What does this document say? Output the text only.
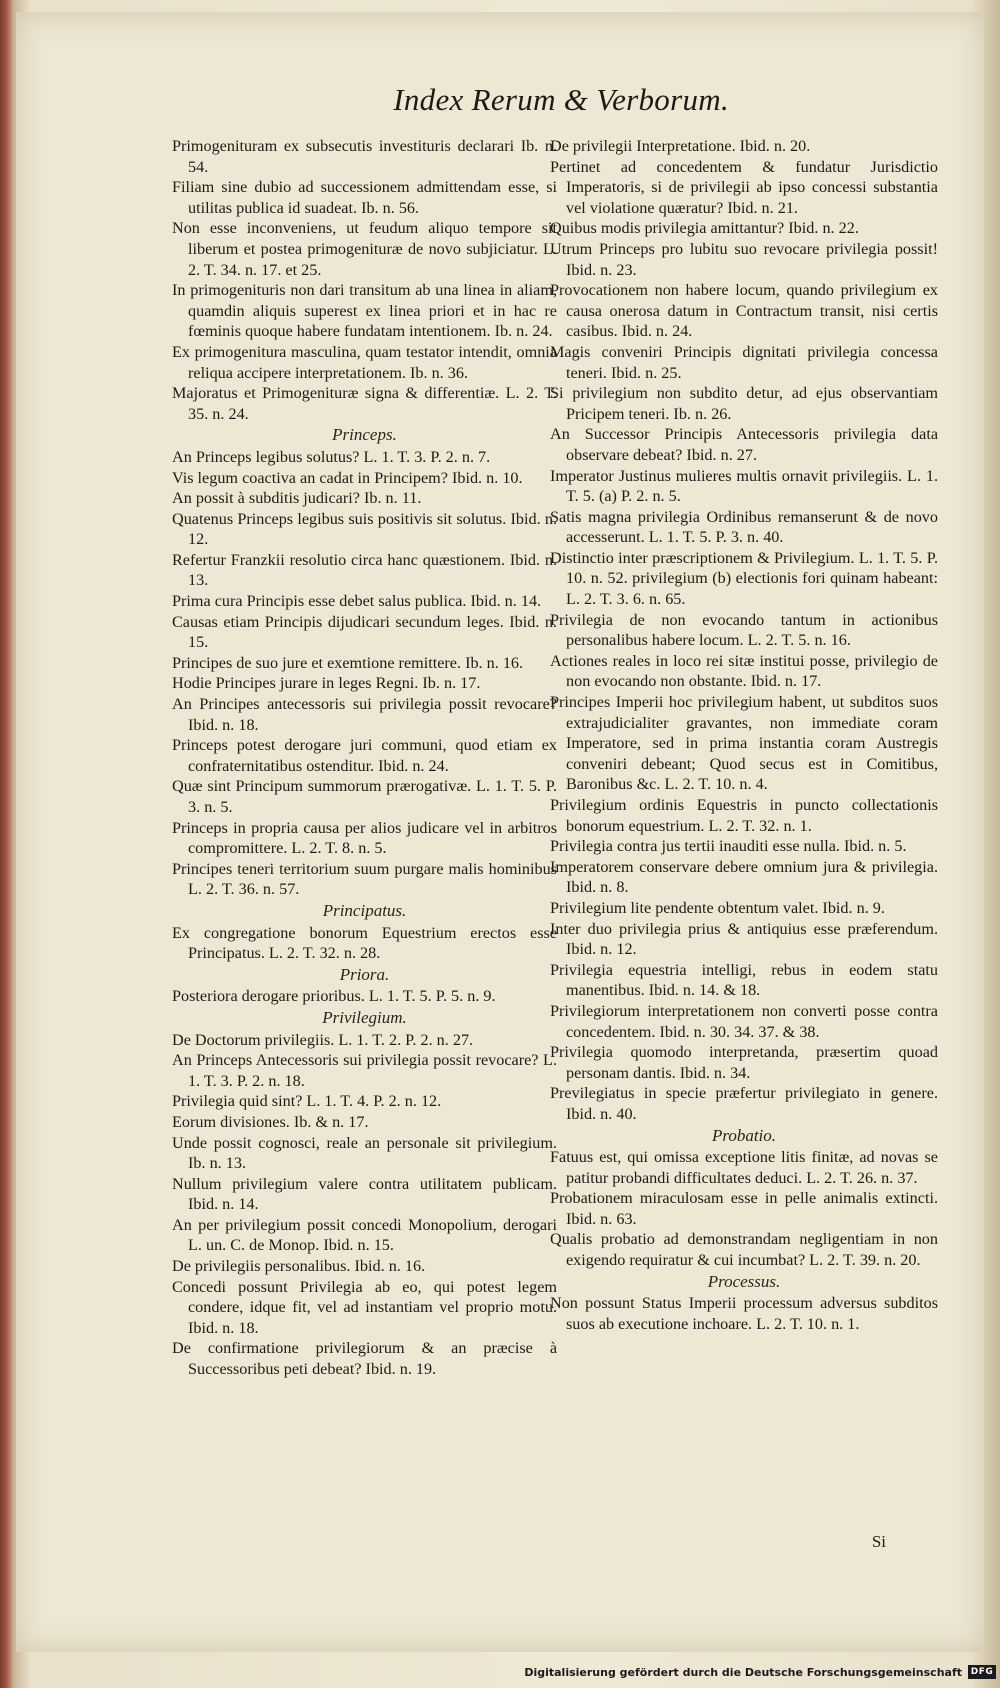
Index Rerum & Verborum.

Primogenituram ex subsecutis investituris declarari Ib. n. 54.

Filiam sine dubio ad successionem admittendam esse, si utilitas publica id suadeat. Ib. n. 56.

Non esse inconveniens, ut feudum aliquo tempore sit liberum et postea primogenituræ de novo subjiciatur. L. 2. T. 34. n. 17. et 25.

In primogenituris non dari transitum ab una linea in aliam, quamdin aliquis superest ex linea priori et in hac re fœminis quoque habere fundatam intentionem. Ib. n. 24.

Ex primogenitura masculina, quam testator intendit, omnia reliqua accipere interpretationem. Ib. n. 36.

Majoratus et Primogenituræ signa & differentiæ. L. 2. T. 35. n. 24.

Princeps.

An Princeps legibus solutus? L. 1. T. 3. P. 2. n. 7.

Vis legum coactiva an cadat in Principem? Ibid. n. 10.

An possit à subditis judicari? Ib. n. 11.

Quatenus Princeps legibus suis positivis sit solutus. Ibid. n. 12.

Refertur Franzkii resolutio circa hanc quæstionem. Ibid. n. 13.

Prima cura Principis esse debet salus publica. Ibid. n. 14.

Causas etiam Principis dijudicari secundum leges. Ibid. n. 15.

Principes de suo jure et exemtione remittere. Ib. n. 16.

Hodie Principes jurare in leges Regni. Ib. n. 17.

An Principes antecessoris sui privilegia possit revocare? Ibid. n. 18.

Princeps potest derogare juri communi, quod etiam ex confraternitatibus ostenditur. Ibid. n. 24.

Quæ sint Principum summorum prærogativæ. L. 1. T. 5. P. 3. n. 5.

Princeps in propria causa per alios judicare vel in arbitros compromittere. L. 2. T. 8. n. 5.

Principes teneri territorium suum purgare malis hominibus L. 2. T. 36. n. 57.

Principatus.

Ex congregatione bonorum Equestrium erectos esse Principatus. L. 2. T. 32. n. 28.

Priora.

Posteriora derogare prioribus. L. 1. T. 5. P. 5. n. 9.

Privilegium.

De Doctorum privilegiis. L. 1. T. 2. P. 2. n. 27.

An Princeps Antecessoris sui privilegia possit revocare? L. 1. T. 3. P. 2. n. 18.

Privilegia quid sint? L. 1. T. 4. P. 2. n. 12.

Eorum divisiones. Ib. & n. 17.

Unde possit cognosci, reale an personale sit privilegium. Ib. n. 13.

Nullum privilegium valere contra utilitatem publicam. Ibid. n. 14.

An per privilegium possit concedi Monopolium, derogari L. un. C. de Monop. Ibid. n. 15.

De privilegiis personalibus. Ibid. n. 16.

Concedi possunt Privilegia ab eo, qui potest legem condere, idque fit, vel ad instantiam vel proprio motu. Ibid. n. 18.

De confirmatione privilegiorum & an præcise à Successoribus peti debeat? Ibid. n. 19.

De privilegii Interpretatione. Ibid. n. 20.

Pertinet ad concedentem & fundatur Jurisdictio Imperatoris, si de privilegii ab ipso concessi substantia vel violatione quæratur? Ibid. n. 21.

Quibus modis privilegia amittantur? Ibid. n. 22.

Utrum Princeps pro lubitu suo revocare privilegia possit! Ibid. n. 23.

Provocationem non habere locum, quando privilegium ex causa onerosa datum in Contractum transit, nisi certis casibus. Ibid. n. 24.

Magis conveniri Principis dignitati privilegia concessa teneri. Ibid. n. 25.

Si privilegium non subdito detur, ad ejus observantiam Pricipem teneri. Ib. n. 26.

An Successor Principis Antecessoris privilegia data observare debeat? Ibid. n. 27.

Imperator Justinus mulieres multis ornavit privilegiis. L. 1. T. 5. (a) P. 2. n. 5.

Satis magna privilegia Ordinibus remanserunt & de novo accesserunt. L. 1. T. 5. P. 3. n. 40.

Distinctio inter præscriptionem & Privilegium. L. 1. T. 5. P. 10. n. 52. privilegium (b) electionis fori quinam habeant: L. 2. T. 3. 6. n. 65.

Privilegia de non evocando tantum in actionibus personalibus habere locum. L. 2. T. 5. n. 16.

Actiones reales in loco rei sitæ institui posse, privilegio de non evocando non obstante. Ibid. n. 17.

Principes Imperii hoc privilegium habent, ut subditos suos extrajudicialiter gravantes, non immediate coram Imperatore, sed in prima instantia coram Austregis conveniri debeant; Quod secus est in Comitibus, Baronibus &c. L. 2. T. 10. n. 4.

Privilegium ordinis Equestris in puncto collectationis bonorum equestrium. L. 2. T. 32. n. 1.

Privilegia contra jus tertii inauditi esse nulla. Ibid. n. 5.

Imperatorem conservare debere omnium jura & privilegia. Ibid. n. 8.

Privilegium lite pendente obtentum valet. Ibid. n. 9.

Inter duo privilegia prius & antiquius esse præferendum. Ibid. n. 12.

Privilegia equestria intelligi, rebus in eodem statu manentibus. Ibid. n. 14. & 18.

Privilegiorum interpretationem non converti posse contra concedentem. Ibid. n. 30. 34. 37. & 38.

Privilegia quomodo interpretanda, præsertim quoad personam dantis. Ibid. n. 34.

Previlegiatus in specie præfertur privilegiato in genere. Ibid. n. 40.

Probatio.

Fatuus est, qui omissa exceptione litis finitæ, ad novas se patitur probandi difficultates deduci. L. 2. T. 26. n. 37.

Probationem miraculosam esse in pelle animalis extincti. Ibid. n. 63.

Qualis probatio ad demonstrandam negligentiam in non exigendo requiratur & cui incumbat? L. 2. T. 39. n. 20.

Processus.

Non possunt Status Imperii processum adversus subditos suos ab executione inchoare. L. 2. T. 10. n. 1.

Si
Digitalisierung gefördert durch die Deutsche Forschungsgemeinschaft DFG
